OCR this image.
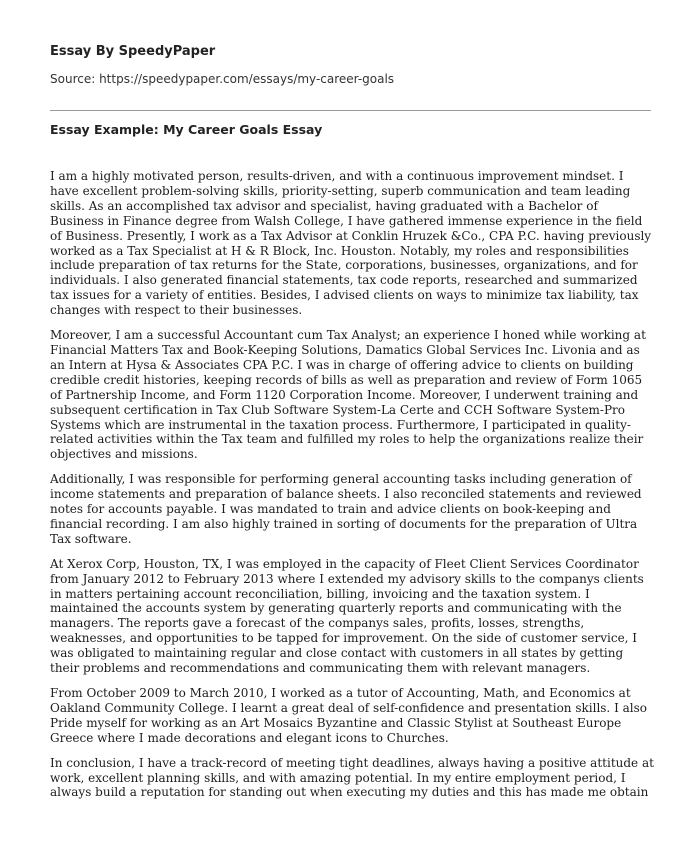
Essay By SpeedyPaper
Source: https://speedypaper.com/essays/my-career-goals
Essay Example: My Career Goals Essay

I am a highly motivated person, results-driven, and with a continuous improvement mindset. I have excellent problem-solving skills, priority-setting, superb communication and team leading skills. As an accomplished tax advisor and specialist, having graduated with a Bachelor of Business in Finance degree from Walsh College, I have gathered immense experience in the field of Business. Presently, I work as a Tax Advisor at Conklin Hruzek &Co., CPA P.C. having previously worked as a Tax Specialist at H & R Block, Inc. Houston. Notably, my roles and responsibilities include preparation of tax returns for the State, corporations, businesses, organizations, and for individuals. I also generated financial statements, tax code reports, researched and summarized tax issues for a variety of entities. Besides, I advised clients on ways to minimize tax liability, tax changes with respect to their businesses.

Moreover, I am a successful Accountant cum Tax Analyst; an experience I honed while working at Financial Matters Tax and Book-Keeping Solutions, Damatics Global Services Inc. Livonia and as an Intern at Hysa & Associates CPA P.C. I was in charge of offering advice to clients on building credible credit histories, keeping records of bills as well as preparation and review of Form 1065 of Partnership Income, and Form 1120 Corporation Income. Moreover, I underwent training and subsequent certification in Tax Club Software System-La Certe and CCH Software System-Pro Systems which are instrumental in the taxation process. Furthermore, I participated in quality-related activities within the Tax team and fulfilled my roles to help the organizations realize their objectives and missions.

Additionally, I was responsible for performing general accounting tasks including generation of income statements and preparation of balance sheets. I also reconciled statements and reviewed notes for accounts payable. I was mandated to train and advice clients on book-keeping and financial recording. I am also highly trained in sorting of documents for the preparation of Ultra Tax software.

At Xerox Corp, Houston, TX, I was employed in the capacity of Fleet Client Services Coordinator from January 2012 to February 2013 where I extended my advisory skills to the companys clients in matters pertaining account reconciliation, billing, invoicing and the taxation system. I maintained the accounts system by generating quarterly reports and communicating with the managers. The reports gave a forecast of the companys sales, profits, losses, strengths, weaknesses, and opportunities to be tapped for improvement. On the side of customer service, I was obligated to maintaining regular and close contact with customers in all states by getting their problems and recommendations and communicating them with relevant managers.

From October 2009 to March 2010, I worked as a tutor of Accounting, Math, and Economics at Oakland Community College. I learnt a great deal of self-confidence and presentation skills. I also Pride myself for working as an Art Mosaics Byzantine and Classic Stylist at Southeast Europe Greece where I made decorations and elegant icons to Churches.

In conclusion, I have a track-record of meeting tight deadlines, always having a positive attitude at work, excellent planning skills, and with amazing potential. In my entire employment period, I always build a reputation for standing out when executing my duties and this has made me obtain
